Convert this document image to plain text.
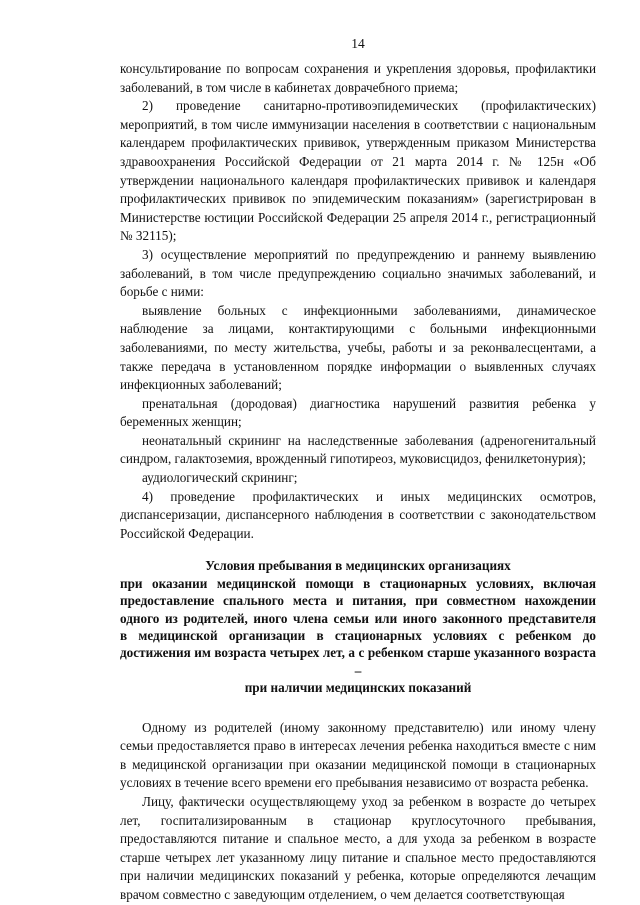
14

консультирование по вопросам сохранения и укрепления здоровья, профилактики заболеваний, в том числе в кабинетах доврачебного приема;

2) проведение санитарно-противоэпидемических (профилактических) мероприятий, в том числе иммунизации населения в соответствии с национальным календарем профилактических прививок, утвержденным приказом Министерства здравоохранения Российской Федерации от 21 марта 2014 г. № 125н «Об утверждении национального календаря профилактических прививок и календаря профилактических прививок по эпидемическим показаниям» (зарегистрирован в Министерстве юстиции Российской Федерации 25 апреля 2014 г., регистрационный № 32115);

3) осуществление мероприятий по предупреждению и раннему выявлению заболеваний, в том числе предупреждению социально значимых заболеваний, и борьбе с ними:

выявление больных с инфекционными заболеваниями, динамическое наблюдение за лицами, контактирующими с больными инфекционными заболеваниями, по месту жительства, учебы, работы и за реконвалесцентами, а также передача в установленном порядке информации о выявленных случаях инфекционных заболеваний;

пренатальная (дородовая) диагностика нарушений развития ребенка у беременных женщин;

неонатальный скрининг на наследственные заболевания (адреногенитальный синдром, галактоземия, врожденный гипотиреоз, муковисцидоз, фенилкетонурия);

аудиологический скрининг;

4) проведение профилактических и иных медицинских осмотров, диспансеризации, диспансерного наблюдения в соответствии с законодательством Российской Федерации.

Условия пребывания в медицинских организациях
при оказании медицинской помощи в стационарных условиях, включая
предоставление спального места и питания, при совместном нахождении
одного из родителей, иного члена семьи или иного законного представителя
в медицинской организации в стационарных условиях с ребенком до достижения им возраста четырех лет, а с ребенком старше указанного возраста –
при наличии медицинских показаний

Одному из родителей (иному законному представителю) или иному члену семьи предоставляется право в интересах лечения ребенка находиться вместе с ним в медицинской организации при оказании медицинской помощи в стационарных условиях в течение всего времени его пребывания независимо от возраста ребенка.

Лицу, фактически осуществляющему уход за ребенком в возрасте до четырех лет, госпитализированным в стационар круглосуточного пребывания, предоставляются питание и спальное место, а для ухода за ребенком в возрасте старше четырех лет указанному лицу питание и спальное место предоставляются при наличии медицинских показаний у ребенка, которые определяются лечащим врачом совместно с заведующим отделением, о чем делается соответствующая
